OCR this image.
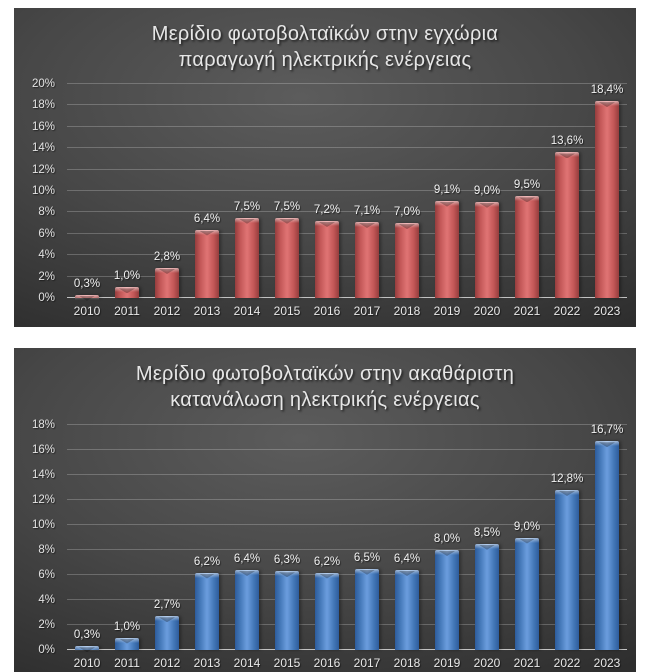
Μερίδιο φωτοβολταϊκών στην εγχώρια παραγωγή ηλεκτρικής ενέργειας
0%
2%
4%
6%
8%
10%
12%
14%
16%
18%
20%
0,3%
1,0%
2,8%
6,4%
7,5% 7,5% 7,2% 7,1% 7,0%
9,1% 9,0% 9,5%
13,6%
18,4%
2010	2011	2012	2013	2014	2015	2016	2017	2018	2019	2020	2021	2022	2023
Μερίδιο φωτοβολταϊκών στην ακαθάριστη κατανάλωση ηλεκτρικής ενέργειας
0%
2%
4%
6%
8%
10%
12%
14%
16%
18%
0,3%
1,0%
2,7%
6,2% 6,4% 6,3% 6,2% 6,5% 6,4%
8,0%
8,5%
9,0%
12,8%
16,7%
2010	2011	2012	2013	2014	2015	2016	2017	2018	2019	2020	2021	2022	2023
